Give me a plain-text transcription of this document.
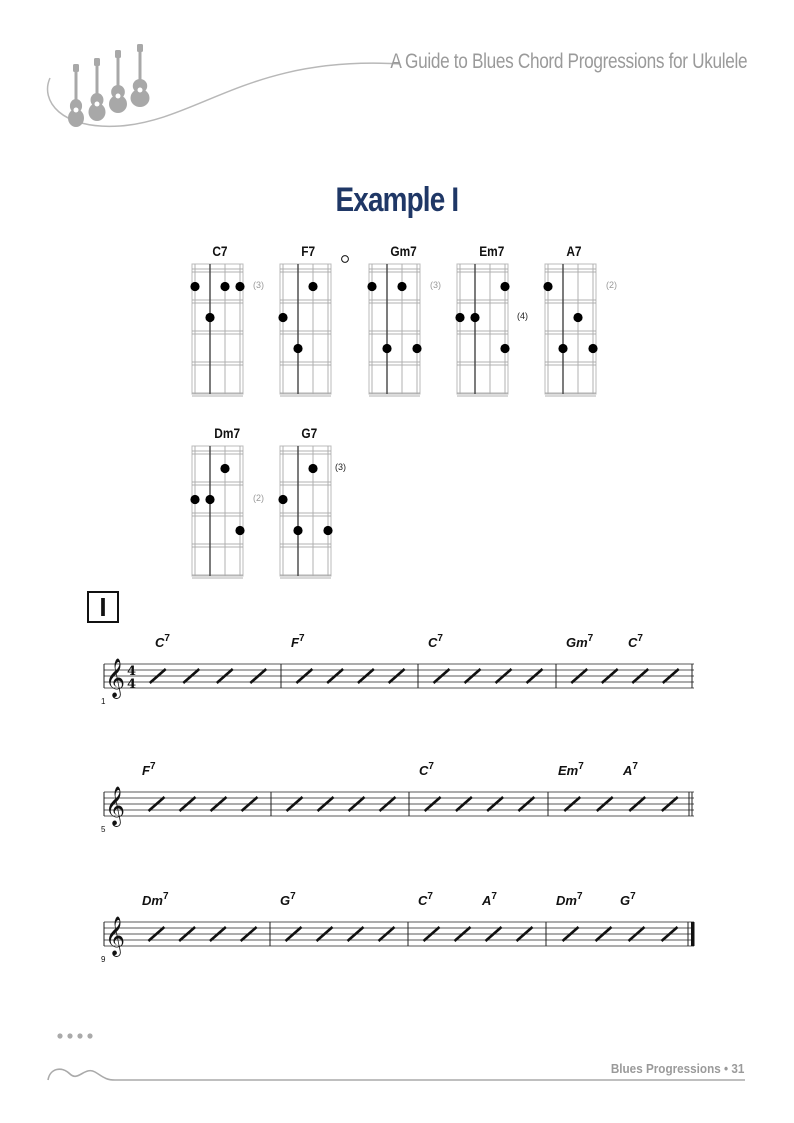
A Guide to Blues Chord Progressions for Ukulele
Example I
C7
(3)
F7	Gm7
(3)
Em7
(4)
A7
(2)
Dm7
(2)
G7
(3)
I
𝄞 4
4
1
$C^7$	$F^7$	$C^7$	Gm$^7$	$C^7$
𝄞
5
$F^7$	$C^7$	Em$^7$	$A^7$
𝄞
9
Dm$^7$	$G^7$	$C^7$	$A^7$	Dm$^7$	$G^7$
Blues Progressions • 31
